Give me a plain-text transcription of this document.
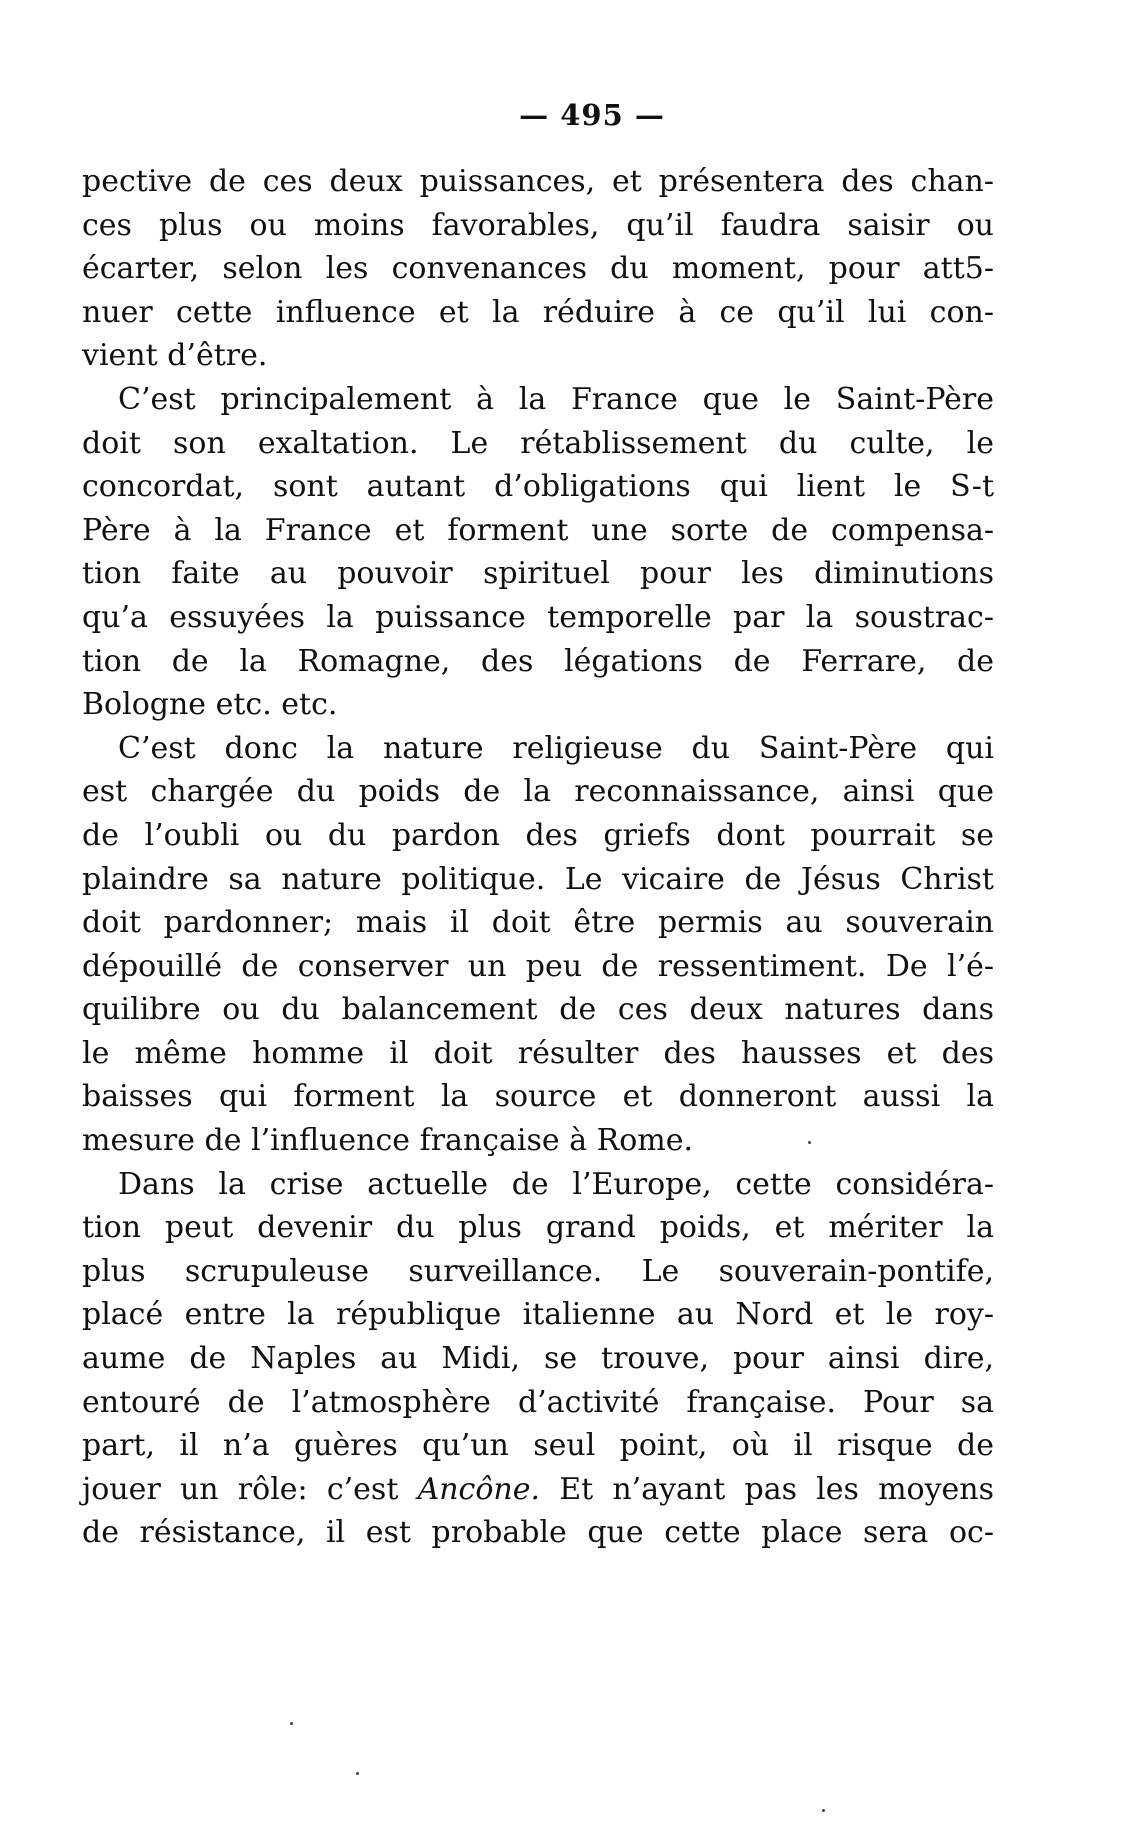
— 495 —
pective de ces deux puissances, et présentera des chan-
ces plus ou moins favorables, qu’il faudra saisir ou
écarter, selon les convenances du moment, pour att5-
nuer cette influence et la réduire à ce qu’il lui con-
vient d’être.
C’est principalement à la France que le Saint-Père
doit son exaltation. Le rétablissement du culte, le
concordat, sont autant d’obligations qui lient le S-t
Père à la France et forment une sorte de compensa-
tion faite au pouvoir spirituel pour les diminutions
qu’a essuyées la puissance temporelle par la soustrac-
tion de la Romagne, des légations de Ferrare, de
Bologne etc. etc.
C’est donc la nature religieuse du Saint-Père qui
est chargée du poids de la reconnaissance, ainsi que
de l’oubli ou du pardon des griefs dont pourrait se
plaindre sa nature politique. Le vicaire de Jésus Christ
doit pardonner; mais il doit être permis au souverain
dépouillé de conserver un peu de ressentiment. De l’é-
quilibre ou du balancement de ces deux natures dans
le même homme il doit résulter des hausses et des
baisses qui forment la source et donneront aussi la
mesure de l’influence française à Rome.
Dans la crise actuelle de l’Europe, cette considéra-
tion peut devenir du plus grand poids, et mériter la
plus scrupuleuse surveillance. Le souverain-pontife,
placé entre la république italienne au Nord et le roy-
aume de Naples au Midi, se trouve, pour ainsi dire,
entouré de l’atmosphère d’activité française. Pour sa
part, il n’a guères qu’un seul point, où il risque de
jouer un rôle: c’est Ancône. Et n’ayant pas les moyens
de résistance, il est probable que cette place sera oc-
